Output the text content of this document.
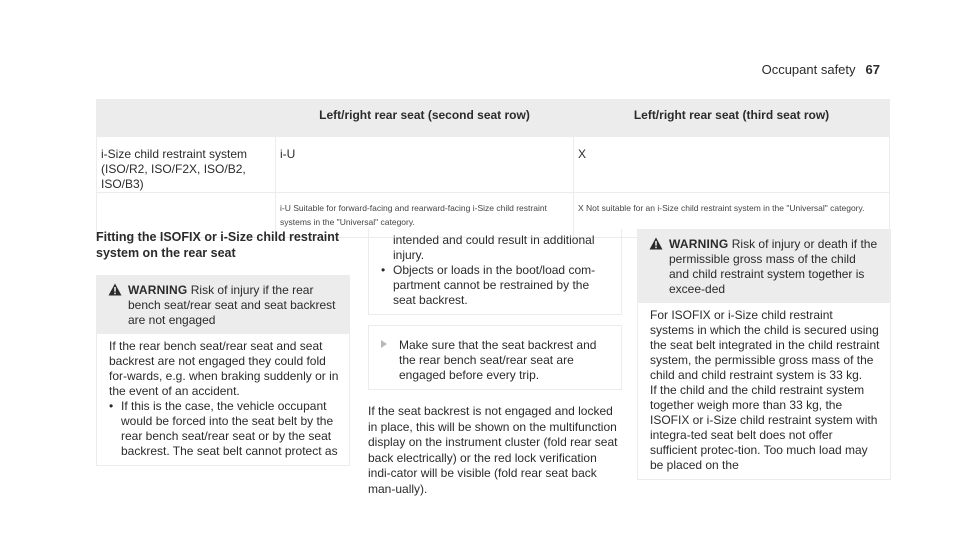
Occupant safety 67
	Left/right rear seat (second seat row)	Left/right rear seat (third seat row)
i-Size child restraint system (ISO/R2, ISO/F2X, ISO/B2, ISO/B3)	i-U	X
	i-U Suitable for forward-facing and rearward-facing i-Size child restraint systems in the "Universal" category.	X Not suitable for an i-Size child restraint system in the "Universal" category.
Fitting the ISOFIX or i-Size child restraint system on the rear seat
WARNING Risk of injury if the rear bench seat/rear seat and seat backrest are not engaged

If the rear bench seat/rear seat and seat backrest are not engaged they could fold for-wards, e.g. when braking suddenly or in the event of an accident.

• If this is the case, the vehicle occupant would be forced into the seat belt by the rear bench seat/rear seat or by the seat backrest. The seat belt cannot protect as

intended and could result in additional injury.

• Objects or loads in the boot/load com-partment cannot be restrained by the seat backrest.

Make sure that the seat backrest and the rear bench seat/rear seat are engaged before every trip.
If the seat backrest is not engaged and locked in place, this will be shown on the multifunction display on the instrument cluster (fold rear seat back electrically) or the red lock verification indi-cator will be visible (fold rear seat back man-ually).
WARNING Risk of injury or death if the permissible gross mass of the child and child restraint system together is excee-ded

For ISOFIX or i-Size child restraint systems in which the child is secured using the seat belt integrated in the child restraint system, the permissible gross mass of the child and child restraint system is 33 kg.

If the child and the child restraint system together weigh more than 33 kg, the ISOFIX or i-Size child restraint system with integra-ted seat belt does not offer sufficient protec-tion. Too much load may be placed on the
